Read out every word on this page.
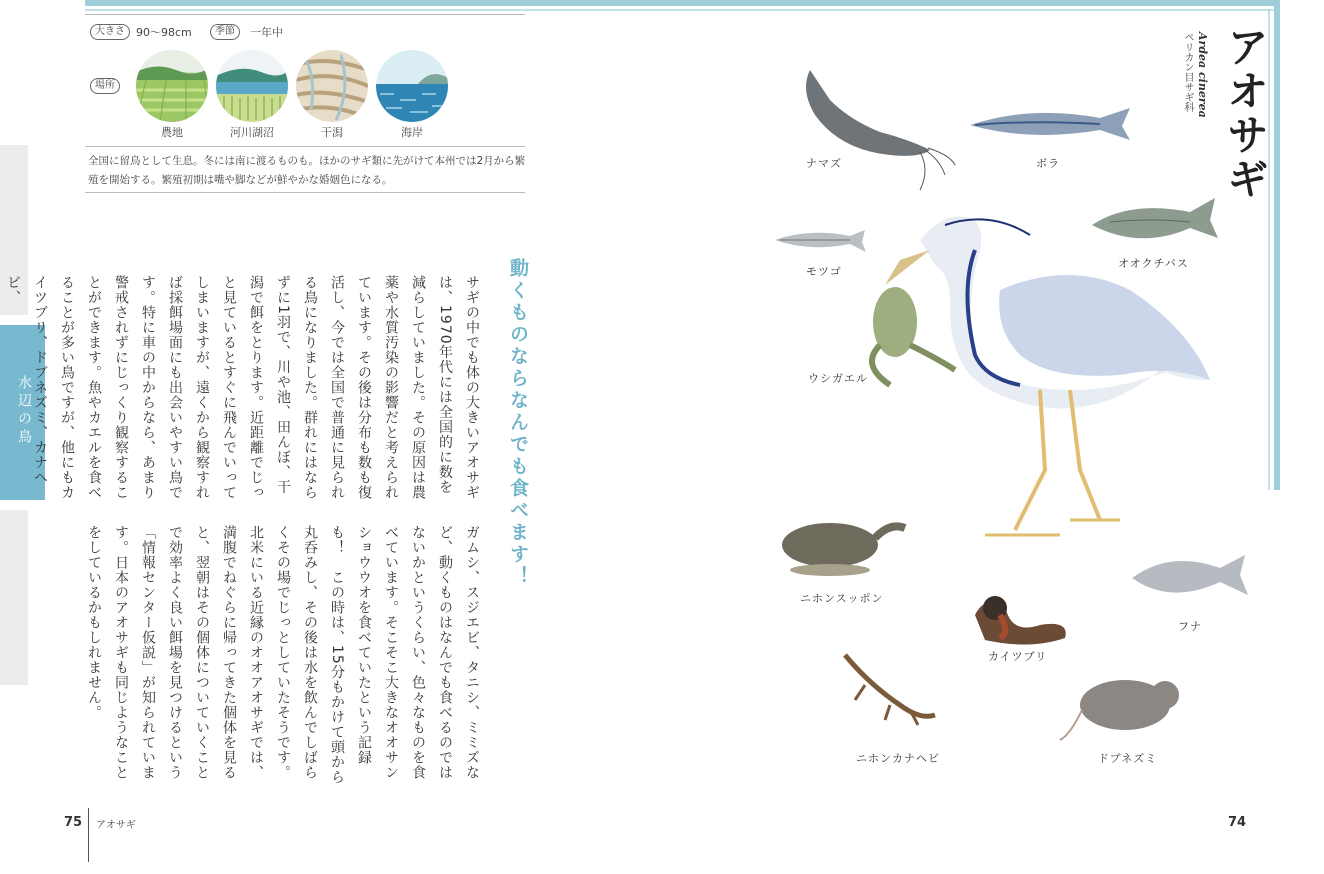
水辺の鳥
大きさ	90～98cm	季節	一年中
場所
農地	河川湖沼	干潟	海岸
全国に留鳥として生息。冬には南に渡るものも。ほかのサギ類に先がけて本州では2月から繁殖を開始する。繁殖初期は嘴や脚などが鮮やかな婚姻色になる。
動くものならなんでも食べます！
サギの中でも体の大きいアオサギは、1970年代には全国的に数を減らしていました。その原因は農薬や水質汚染の影響だと考えられています。その後は分布も数も復活し、今では全国で普通に見られる鳥になりました。群れにはならずに1羽で、川や池、田んぼ、干潟で餌をとります。近距離でじっと見ているとすぐに飛んでいってしまいますが、遠くから観察すれば採餌場面にも出会いやすい鳥です。特に車の中からなら、あまり警戒されずにじっくり観察することができます。魚やカエルを食べることが多い鳥ですが、他にもカイツブリ、ドブネズミ、カナヘビ、
ガムシ、スジエビ、タニシ、ミミズなど、動くものはなんでも食べるのではないかというくらい、色々なものを食べています。そこそこ大きなオオサンショウウオを食べていたという記録も！　この時は、15分もかけて頭から丸呑みし、その後は水を飲んでしばらくその場でじっとしていたそうです。北米にいる近縁のオオアオサギでは、満腹でねぐらに帰ってきた個体を見ると、翌朝はその個体についていくことで効率よく良い餌場を見つけるという「情報センター仮説」が知られています。日本のアオサギも同じようなことをしているかもしれません。
75 アオサギ	74
アオサギ
Ardea cinerea
ペリカン目サギ科
ナマズ	ボラ
モツゴ
オオクチバス
ウシガエル
ニホンスッポン
カイツブリ
フナ
ニホンカナヘビ	ドブネズミ
